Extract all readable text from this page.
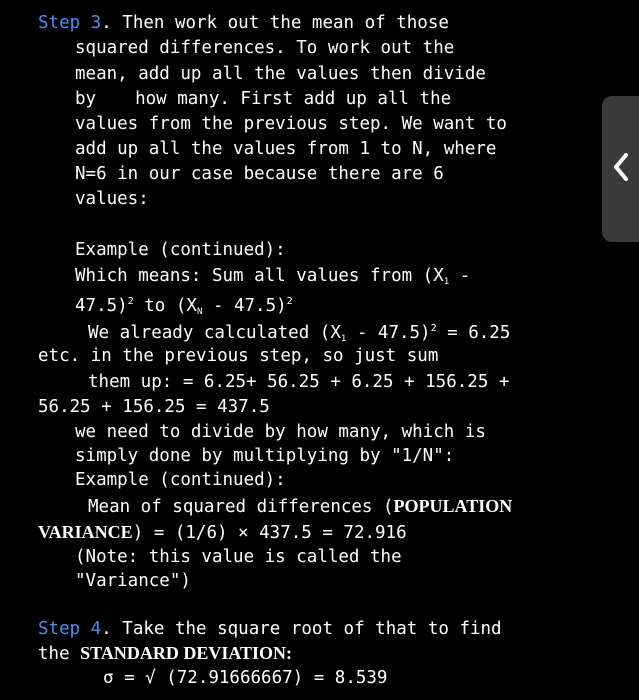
Step 3. Then work out the mean of those
squared differences. To work out the
mean, add up all the values then divide
by how many. First add up all the
values from the previous step. We want to
add up all the values from 1 to N, where
N=6 in our case because there are 6
values:
Example (continued):
Which means: Sum all values from ($X_1$ -
47.5)$^2$ to $(X_N - 47.5)^2$
We already calculated $(X_1 - 47.5)^2 = 6.25$
etc. in the previous step, so just sum
them up: = 6.25+ 56.25 + 6.25 + 156.25 +
56.25 + 156.25 = 437.5
we need to divide by how many, which is
simply done by multiplying by "1/N":
Example (continued):
Mean of squared differences (POPULATION
VARIANCE) = (1/6) × 437.5 = 72.916
(Note: this value is called the
"Variance")
Step 4. Take the square root of that to find
the STANDARD DEVIATION:
σ = √ (72.91666667) = 8.539
